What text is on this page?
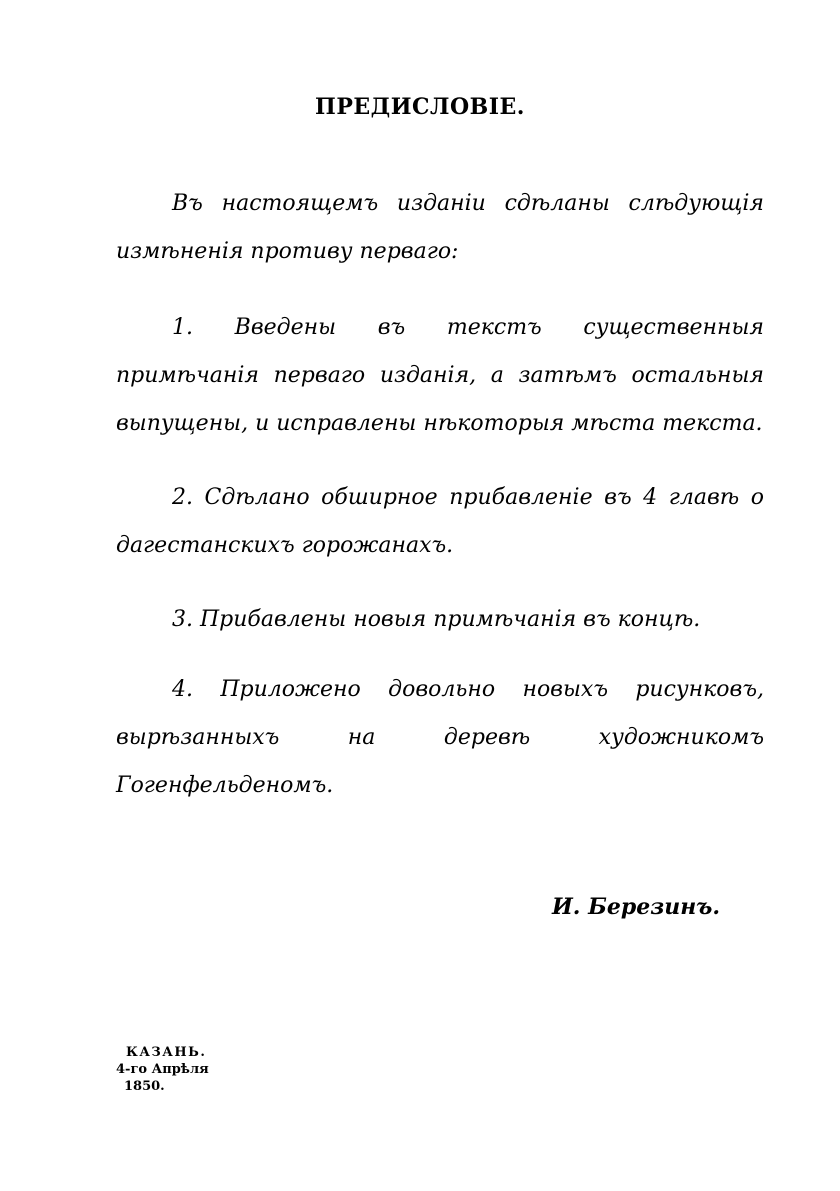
ПРЕДИСЛОВІЕ.

Въ настоящемъ изданіи сдѣланы слѣдующія измѣненія противу перваго:

1. Введены въ текстъ существенныя примѣчанія перваго изданія, а затѣмъ остальныя выпущены, и исправлены нѣкоторыя мѣста текста.

2. Сдѣлано обширное прибавленіе въ 4 главѣ о дагестанскихъ горожанахъ.

3. Прибавлены новыя примѣчанія въ концѣ.

4. Приложено довольно новыхъ рисунковъ, вырѣзанныхъ на деревѣ художникомъ Гогенфельденомъ.

И. Березинъ.
КАЗАНЬ.
4-го Апрѣля
1850.
